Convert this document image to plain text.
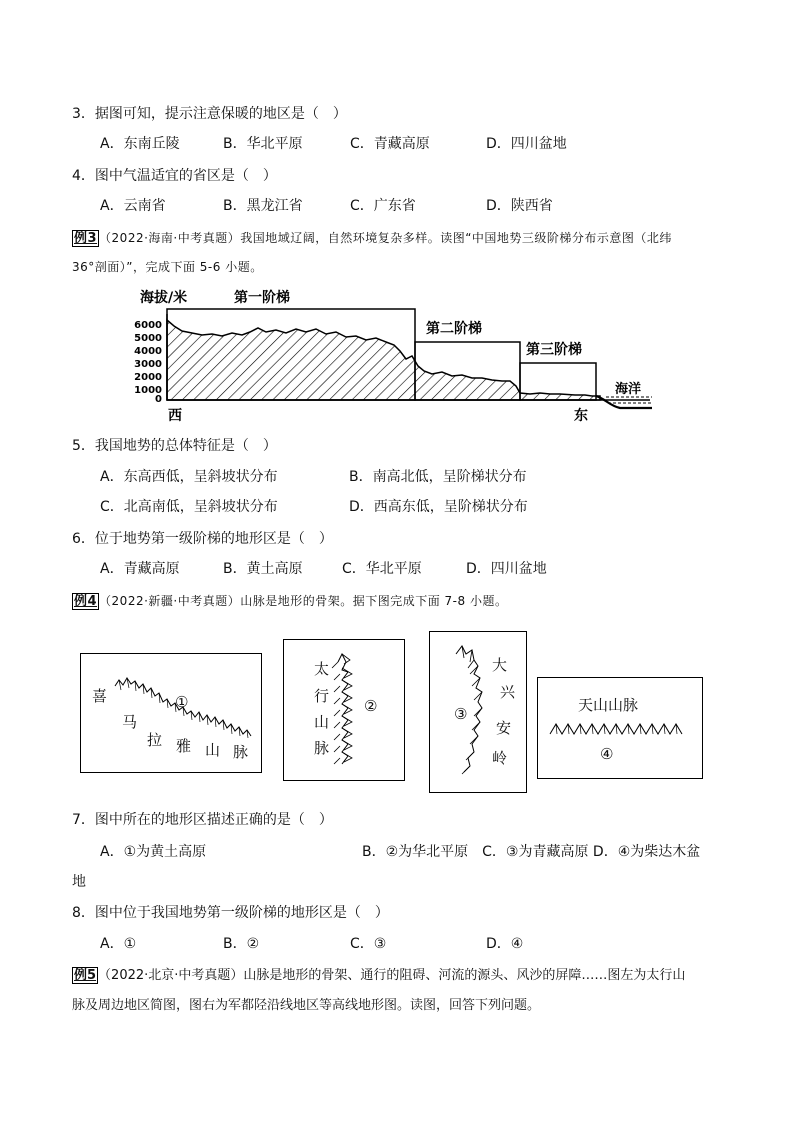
3．据图可知，提示注意保暖的地区是（　）
A．东南丘陵	B．华北平原	C．青藏高原	D．四川盆地
4．图中气温适宜的省区是（　）
A．云南省	B．黑龙江省	C．广东省	D．陕西省
例3 （2022·海南·中考真题）我国地域辽阔，自然环境复杂多样。读图“中国地势三级阶梯分布示意图（北纬
36°剖面）”，完成下面 5-6 小题。
海拔/米
6000
5000
4000
3000
2000
1000
0
第一阶梯
第二阶梯
第三阶梯
海洋
西	东
5．我国地势的总体特征是（　）
A．东高西低，呈斜坡状分布	B．南高北低，呈阶梯状分布
C．北高南低，呈斜坡状分布	D．西高东低，呈阶梯状分布
6．位于地势第一级阶梯的地形区是（　）
A．青藏高原	B．黄土高原	C．华北平原	D．四川盆地
例4 （2022·新疆·中考真题）山脉是地形的骨架。据下图完成下面 7-8 小题。
喜
马
拉 雅 山 脉
①
太
行
山
脉
②
大
兴
安
岭
③	天山山脉
④
7．图中所在的地形区描述正确的是（　）
A．①为黄土高原	B．②为华北平原　C．③为青藏高原 D．④为柴达木盆
地
8．图中位于我国地势第一级阶梯的地形区是（　）
A．①	B．②	C．③	D．④
例5 （2022·北京·中考真题）山脉是地形的骨架、通行的阻碍、河流的源头、风沙的屏障……图左为太行山
脉及周边地区简图，图右为军都陉沿线地区等高线地形图。读图，回答下列问题。
